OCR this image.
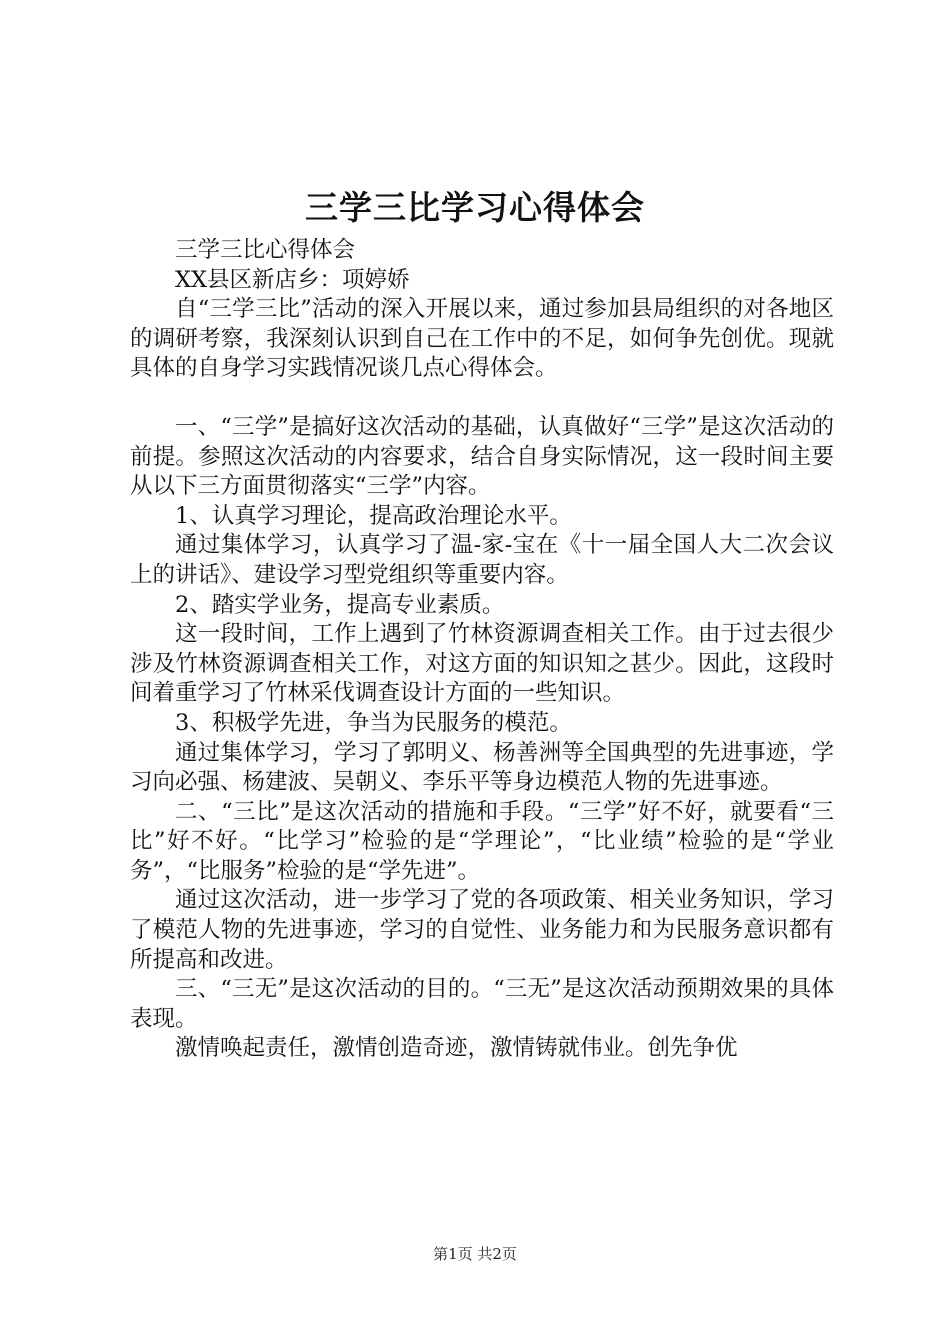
三学三比学习心得体会

三学三比心得体会

XX县区新店乡：项婷娇

自“三学三比”活动的深入开展以来，通过参加县局组织的对各地区的调研考察，我深刻认识到自己在工作中的不足，如何争先创优。现就具体的自身学习实践情况谈几点心得体会。

一、“三学”是搞好这次活动的基础，认真做好“三学”是这次活动的前提。参照这次活动的内容要求，结合自身实际情况，这一段时间主要从以下三方面贯彻落实“三学”内容。

1、认真学习理论，提高政治理论水平。

通过集体学习，认真学习了温-家-宝在《十一届全国人大二次会议上的讲话》、建设学习型党组织等重要内容。

2、踏实学业务，提高专业素质。

这一段时间，工作上遇到了竹林资源调查相关工作。由于过去很少涉及竹林资源调查相关工作，对这方面的知识知之甚少。因此，这段时间着重学习了竹林采伐调查设计方面的一些知识。

3、积极学先进，争当为民服务的模范。

通过集体学习，学习了郭明义、杨善洲等全国典型的先进事迹，学习向必强、杨建波、吴朝义、李乐平等身边模范人物的先进事迹。

二、“三比”是这次活动的措施和手段。“三学”好不好，就要看“三比”好不好。“比学习”检验的是“学理论”，“比业绩”检验的是“学业务”，“比服务”检验的是“学先进”。

通过这次活动，进一步学习了党的各项政策、相关业务知识，学习了模范人物的先进事迹，学习的自觉性、业务能力和为民服务意识都有所提高和改进。

三、“三无”是这次活动的目的。“三无”是这次活动预期效果的具体表现。

激情唤起责任，激情创造奇迹，激情铸就伟业。创先争优

第1页 共2页
